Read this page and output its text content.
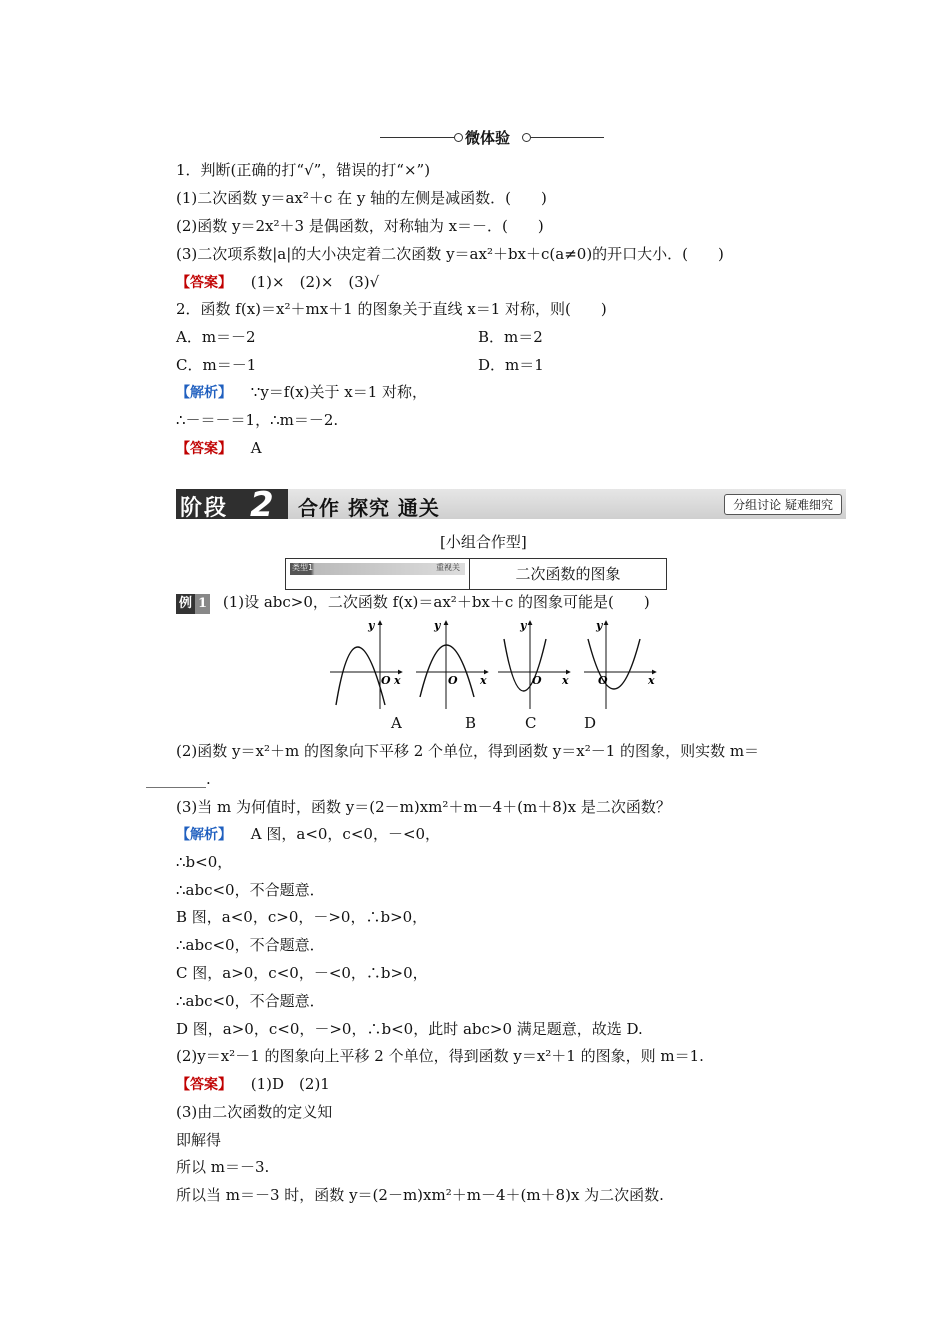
微体验
1．判断(正确的打“√”，错误的打“×”)
(1)二次函数 y＝ax²＋c 在 y 轴的左侧是减函数．(　　)
(2)函数 y＝2x²＋3 是偶函数，对称轴为 x＝－．(　　)
(3)二次项系数|a|的大小决定着二次函数 y＝ax²＋bx＋c(a≠0)的开口大小．(　　)
【答案】 (1)×　(2)×　(3)√
2．函数 f(x)＝x²＋mx＋1 的图象关于直线 x＝1 对称，则(　　)
A．m＝－2	B．m＝2
C．m＝－1	D．m＝1
【解析】 ∵y＝f(x)关于 x＝1 对称，
∴－＝－＝1，∴m＝－2.
【答案】 A
阶段 2 合作 探究 通关	分组讨论 疑难细究
[小组合作型]
类型1	重视关	二次函数的图象
例 1 (1)设 abc>0，二次函数 f(x)＝ax²＋bx＋c 的图象可能是(　　)
y
x
O
y
x
O
y
x
O
y
x
O
A	B	C	D
(2)函数 y＝x²＋m 的图象向下平移 2 个单位，得到函数 y＝x²－1 的图象，则实数 m＝
________.
(3)当 m 为何值时，函数 y＝(2－m)xm²＋m－4＋(m＋8)x 是二次函数？
【解析】 A 图，a<0，c<0，－<0，
∴b<0，
∴abc<0，不合题意．
B 图，a<0，c>0，－>0，∴b>0，
∴abc<0，不合题意．
C 图，a>0，c<0，－<0，∴b>0，
∴abc<0，不合题意．
D 图，a>0，c<0，－>0，∴b<0，此时 abc>0 满足题意，故选 D.
(2)y＝x²－1 的图象向上平移 2 个单位，得到函数 y＝x²＋1 的图象，则 m＝1.
【答案】 (1)D　(2)1
(3)由二次函数的定义知
即解得
所以 m＝－3.
所以当 m＝－3 时，函数 y＝(2－m)xm²＋m－4＋(m＋8)x 为二次函数.
